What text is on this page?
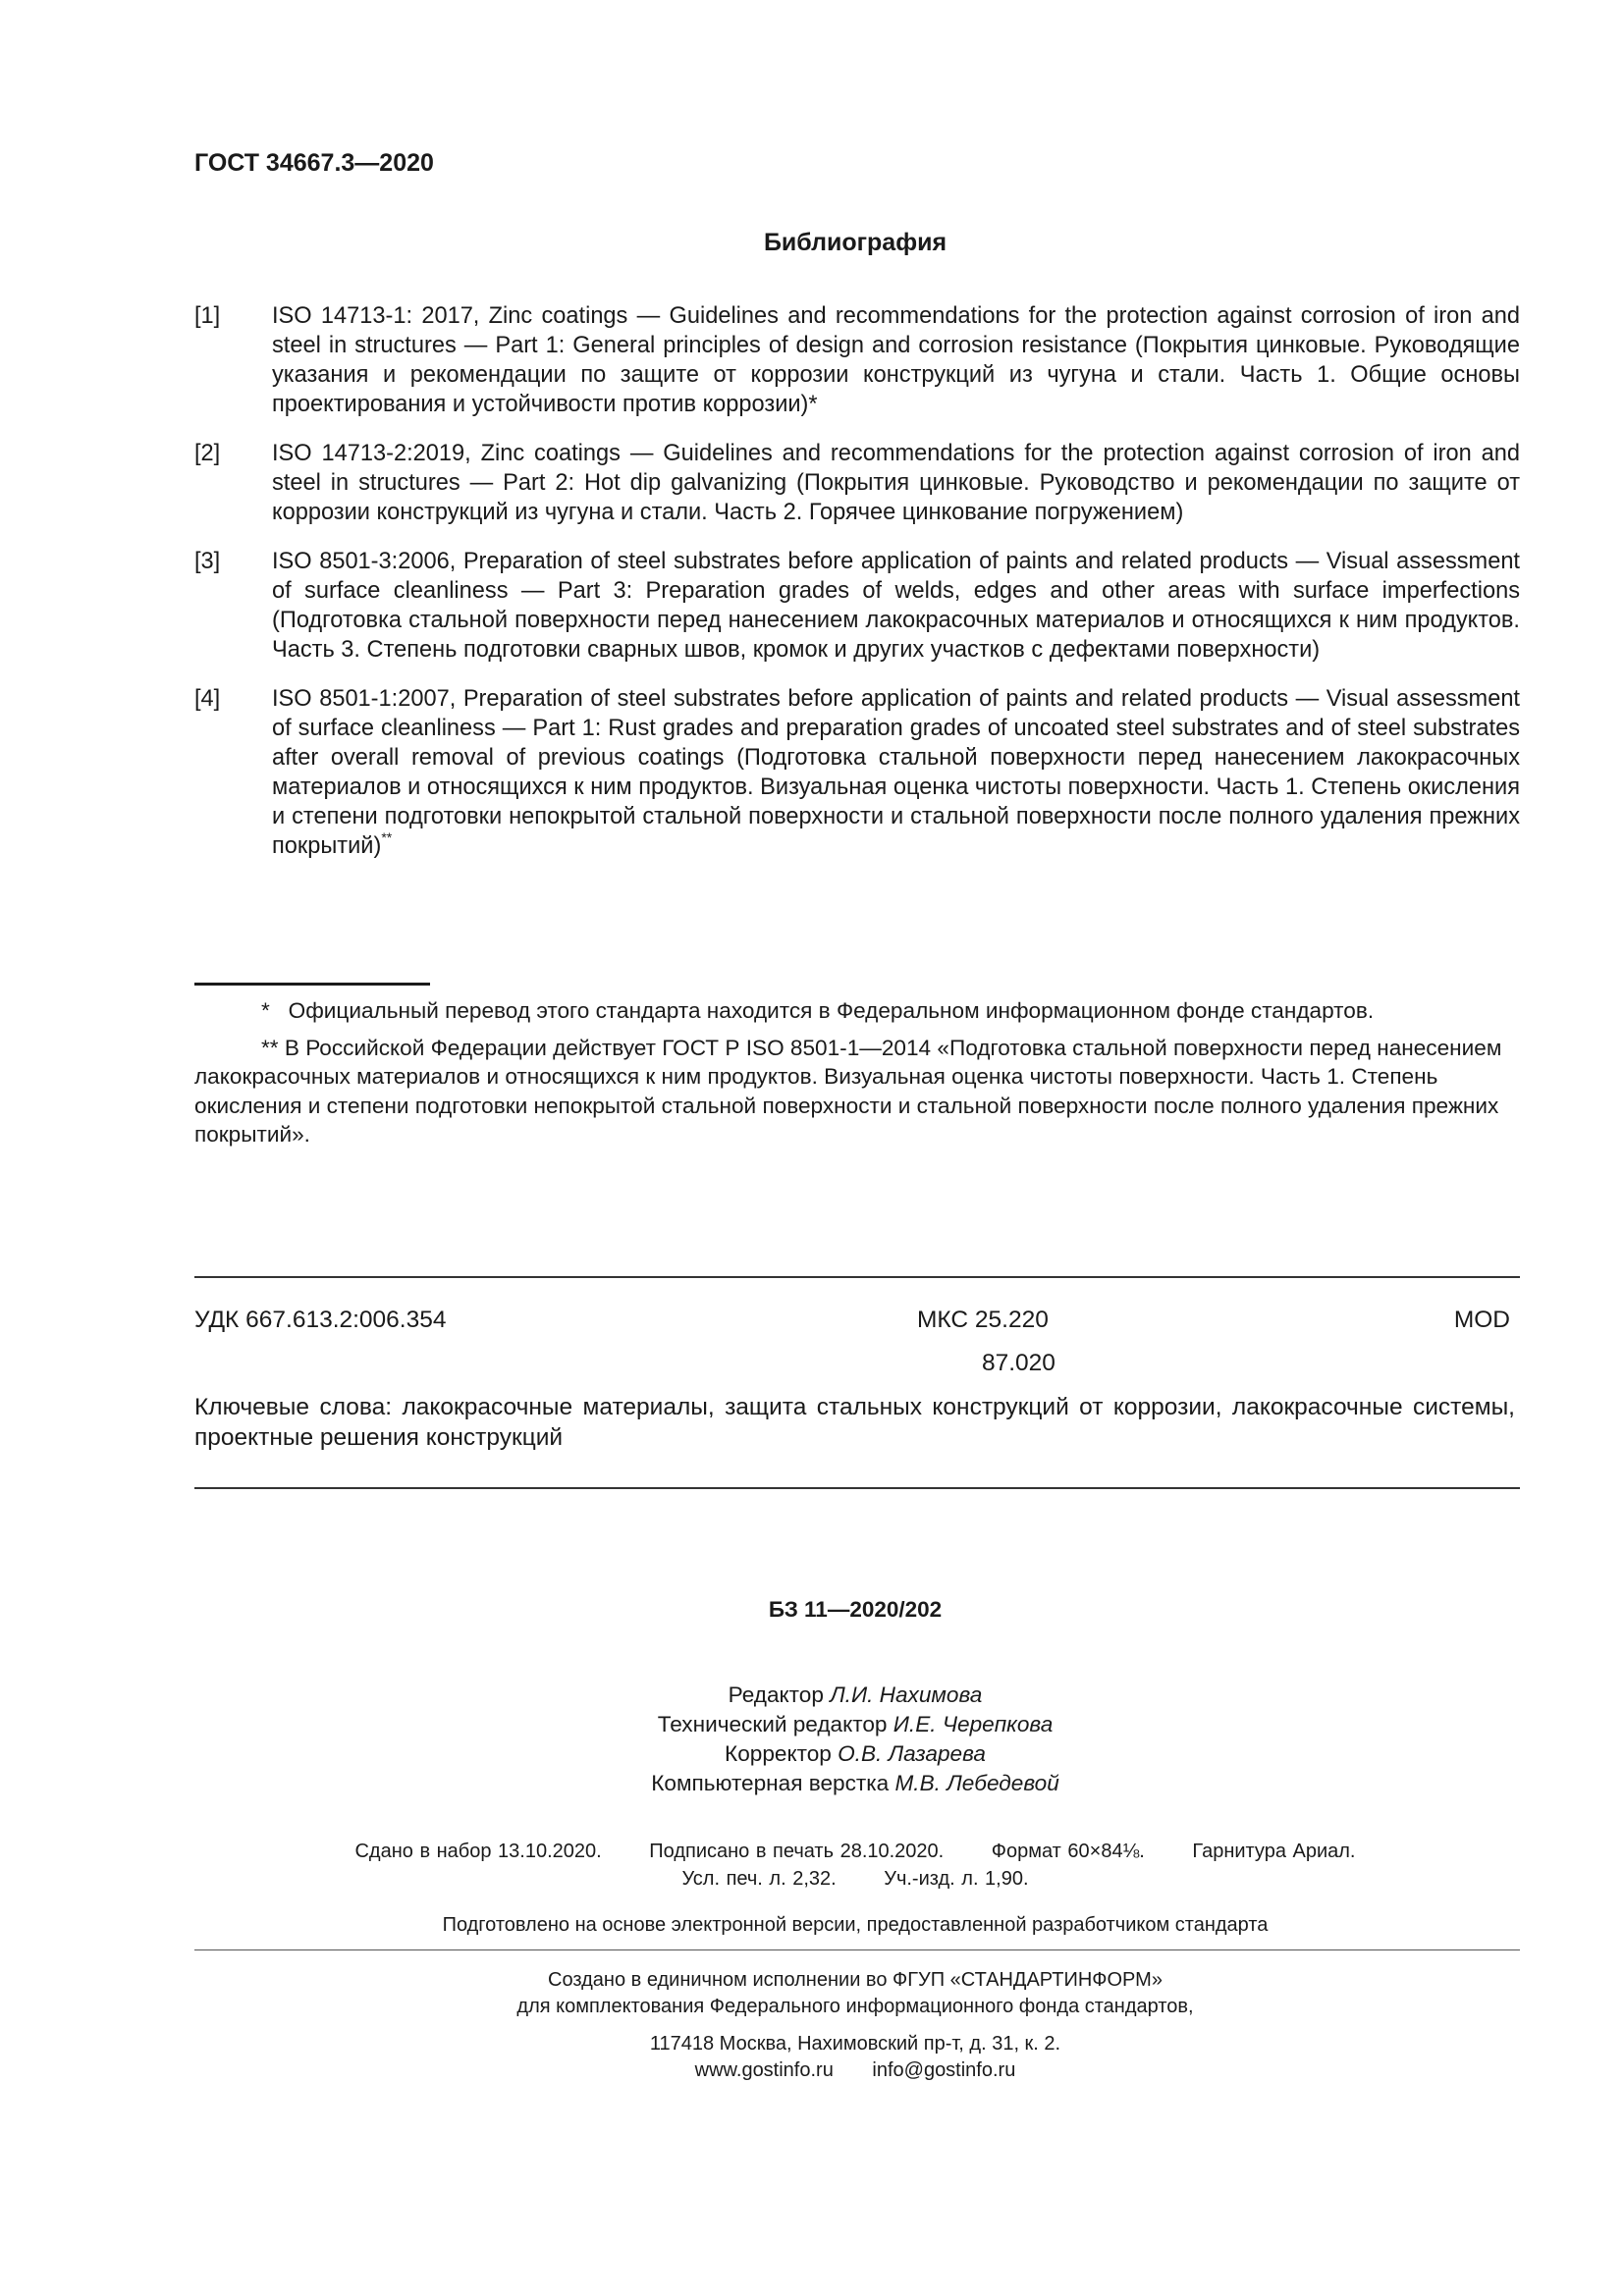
ГОСТ 34667.3—2020
Библиография
[1]	ISO 14713-1: 2017, Zinc coatings — Guidelines and recommendations for the protection against corrosion of iron and steel in structures — Part 1: General principles of design and corrosion resistance (Покрытия цинковые. Руководящие указания и рекомендации по защите от коррозии конструкций из чугуна и стали. Часть 1. Общие основы проектирования и устойчивости против коррозии)*
[2]	ISO 14713-2:2019, Zinc coatings — Guidelines and recommendations for the protection against corrosion of iron and steel in structures — Part 2: Hot dip galvanizing (Покрытия цинковые. Руководство и рекомендации по защите от коррозии конструкций из чугуна и стали. Часть 2. Горячее цинкование погружением)
[3]	ISO 8501-3:2006, Preparation of steel substrates before application of paints and related products — Visual assessment of surface cleanliness — Part 3: Preparation grades of welds, edges and other areas with surface imperfections (Подготовка стальной поверхности перед нанесением лакокрасочных материалов и относящихся к ним продуктов. Часть 3. Степень подготовки сварных швов, кромок и других участков с дефектами поверхности)
[4]	ISO 8501-1:2007, Preparation of steel substrates before application of paints and related products — Visual assessment of surface cleanliness — Part 1: Rust grades and preparation grades of uncoated steel substrates and of steel substrates after overall removal of previous coatings (Подготовка стальной поверхности перед нанесением лакокрасочных материалов и относящихся к ним продуктов. Визуальная оценка чистоты поверхности. Часть 1. Степень окисления и степени подготовки непокрытой стальной поверхности и стальной поверхности после полного удаления прежних покрытий)**
* Официальный перевод этого стандарта находится в Федеральном информационном фонде стандартов.
** В Российской Федерации действует ГОСТ Р ISO 8501-1—2014 «Подготовка стальной поверхности перед нанесением лакокрасочных материалов и относящихся к ним продуктов. Визуальная оценка чистоты поверхности. Часть 1. Степень окисления и степени подготовки непокрытой стальной поверхности и стальной поверхности после полного удаления прежних покрытий».
УДК 667.613.2:006.354	МКС 25.220
87.020
MOD
Ключевые слова: лакокрасочные материалы, защита стальных конструкций от коррозии, лакокрасочные системы, проектные решения конструкций
БЗ 11—2020/202
Редактор Л.И. Нахимова
Технический редактор И.Е. Черепкова
Корректор О.В. Лазарева
Компьютерная верстка М.В. Лебедевой
Сдано в набор 13.10.2020. Подписано в печать 28.10.2020. Формат 60×84⅛. Гарнитура Ариал.
Усл. печ. л. 2,32. Уч.-изд. л. 1,90.
Подготовлено на основе электронной версии, предоставленной разработчиком стандарта
Создано в единичном исполнении во ФГУП «СТАНДАРТИНФОРМ»
для комплектования Федерального информационного фонда стандартов,
117418 Москва, Нахимовский пр-т, д. 31, к. 2.
www.gostinfo.ru info@gostinfo.ru
